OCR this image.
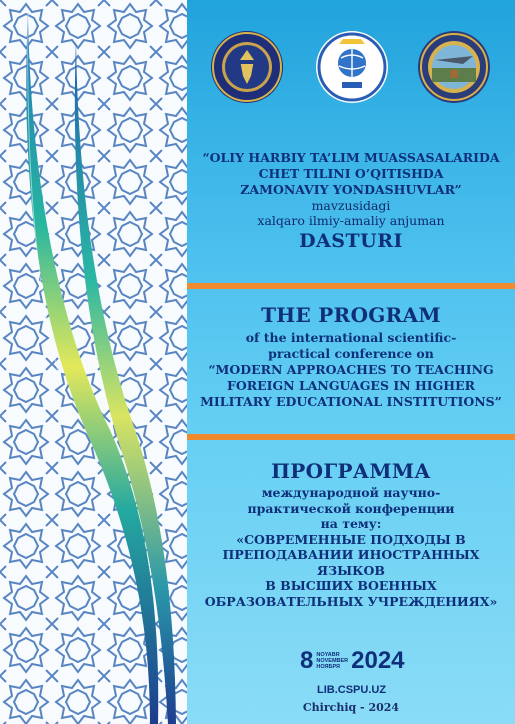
“OLIY HARBIY TA’LIM MUASSASALARIDA
CHET TILINI O’QITISHDA
ZAMONAVIY YONDASHUVLAR”
mavzusidagi
xalqaro ilmiy-amaliy anjuman
DASTURI
THE PROGRAM
of the international scientific-
practical conference on
“MODERN APPROACHES TO TEACHING
FOREIGN LANGUAGES IN HIGHER
MILITARY EDUCATIONAL INSTITUTIONS”
ПРОГРАММА
международной научно-
практической конференции
на тему:
«СОВРЕМЕННЫЕ ПОДХОДЫ В
ПРЕПОДАВАНИИ ИНОСТРАННЫХ ЯЗЫКОВ
В ВЫСШИХ ВОЕННЫХ
ОБРАЗОВАТЕЛЬНЫХ УЧРЕЖДЕНИЯХ»
8 NOYABR
NOVEMBER
НОЯБРЯ 2024
LIB.CSPU.UZ
Chirchiq - 2024
